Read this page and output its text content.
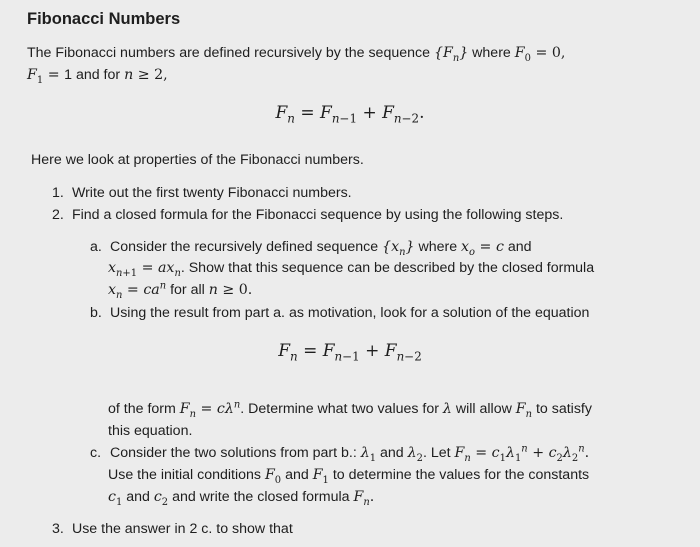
Fibonacci Numbers
The Fibonacci numbers are defined recursively by the sequence $\{F_n\}$ where $F_0 = 0$,
$F_1 = 1$ and for n ≥ 2,
$F_n = F_{n-1} + F_{n-2}$.
Here we look at properties of the Fibonacci numbers.
1. Write out the first twenty Fibonacci numbers.
2. Find a closed formula for the Fibonacci sequence by using the following steps.
a. Consider the recursively defined sequence $\{x_n\}$ where $x_o = c$ and
$x_{n+1} = ax_n$. Show that this sequence can be described by the closed formula
$x_n = ca^n$ for all n ≥ 0.
b. Using the result from part a. as motivation, look for a solution of the equation
$F_n = F_{n-1} + F_{n-2}$
of the form $F_n = c\lambda^n$. Determine what two values for λ will allow $F_n$ to satisfy
this equation.
c. Consider the two solutions from part b.: $\lambda_1$ and $\lambda_2$. Let $F_n = c_1\lambda_1^n + c_2\lambda_2^n$.
Use the initial conditions $F_0$ and $F_1$ to determine the values for the constants
$c_1$ and $c_2$ and write the closed formula $F_n$.
3. Use the answer in 2 c. to show that
